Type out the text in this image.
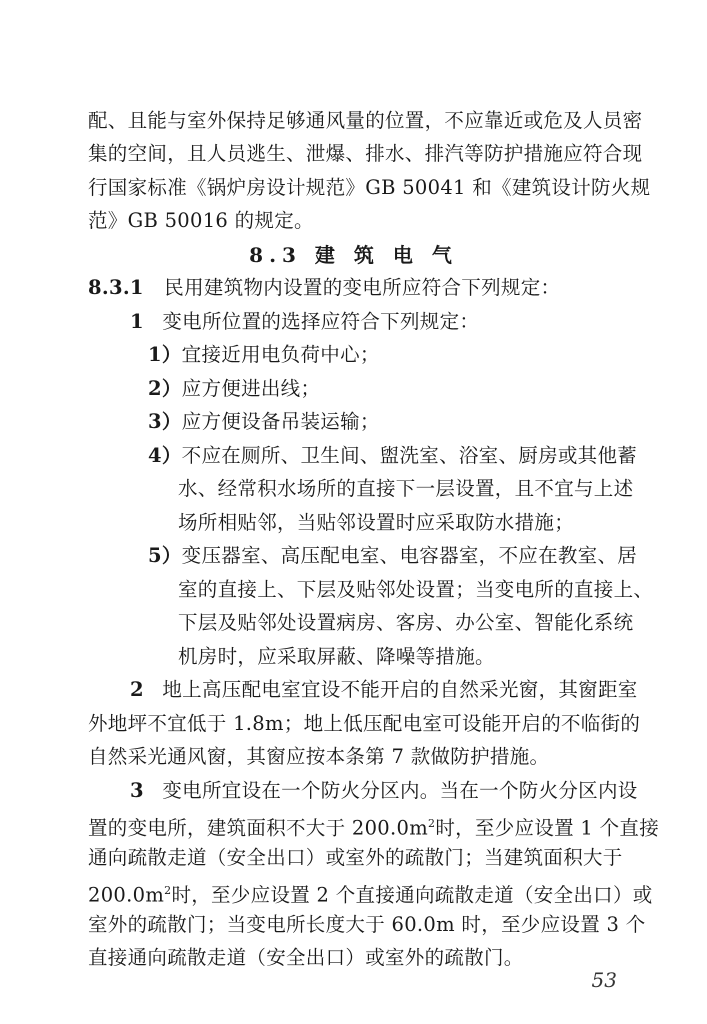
配、且能与室外保持足够通风量的位置，不应靠近或危及人员密
集的空间，且人员逃生、泄爆、排水、排汽等防护措施应符合现
行国家标准《锅炉房设计规范》GB 50041 和《建筑设计防火规
范》GB 50016 的规定。
8.3 建 筑 电 气
8.3.1 民用建筑物内设置的变电所应符合下列规定：
1 变电所位置的选择应符合下列规定：
1）宜接近用电负荷中心；
2）应方便进出线；
3）应方便设备吊装运输；
4）不应在厕所、卫生间、盥洗室、浴室、厨房或其他蓄
水、经常积水场所的直接下一层设置，且不宜与上述
场所相贴邻，当贴邻设置时应采取防水措施；
5）变压器室、高压配电室、电容器室，不应在教室、居
室的直接上、下层及贴邻处设置；当变电所的直接上、
下层及贴邻处设置病房、客房、办公室、智能化系统
机房时，应采取屏蔽、降噪等措施。
2 地上高压配电室宜设不能开启的自然采光窗，其窗距室
外地坪不宜低于 1.8m；地上低压配电室可设能开启的不临街的
自然采光通风窗，其窗应按本条第 7 款做防护措施。
3 变电所宜设在一个防火分区内。当在一个防火分区内设
置的变电所，建筑面积不大于 $200.0m^2$时，至少应设置 1 个直接
通向疏散走道（安全出口）或室外的疏散门；当建筑面积大于
$200.0m^2$时，至少应设置 2 个直接通向疏散走道（安全出口）或
室外的疏散门；当变电所长度大于 60.0m 时，至少应设置 3 个
直接通向疏散走道（安全出口）或室外的疏散门。
53
